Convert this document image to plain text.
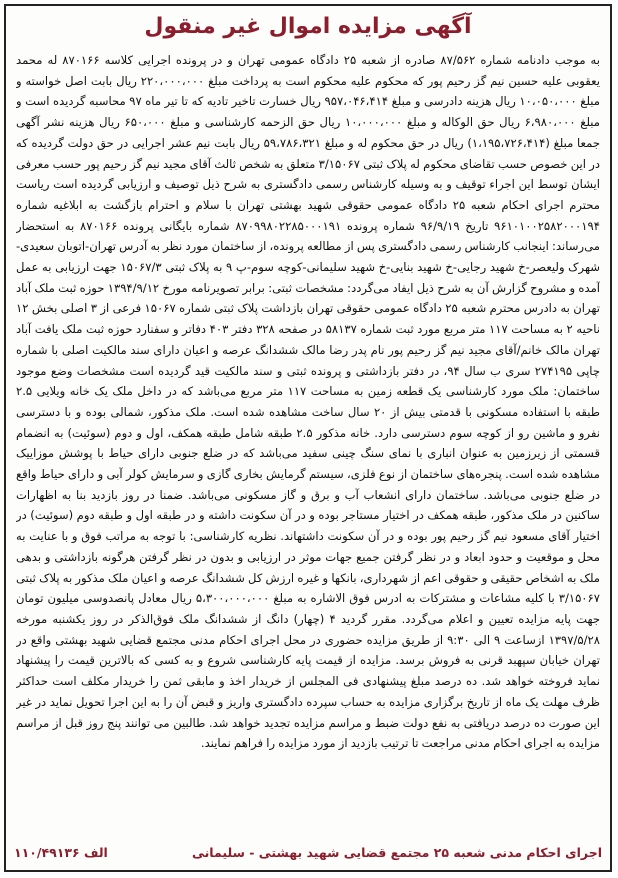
آگهی مزایده اموال غیر منقول
به موجب دادنامه شماره ۸۷/۵۶۲ صادره از شعبه ۲۵ دادگاه عمومی تهران و در پرونده اجرایی کلاسه ۸۷۰۱۶۶ له محمد یعقوبی علیه حسین نیم گز رحیم پور که محکوم علیه محکوم است به پرداخت مبلغ ۲۲۰،۰۰۰،۰۰۰ ریال بابت اصل خواسته و مبلغ ۱۰،۰۵۰،۰۰۰ ریال هزینه دادرسی و مبلغ ۹۵۷،۰۴۶،۴۱۴ ریال خسارت تاخیر تادیه که تا تیر ماه ۹۷ محاسبه گردیده است و مبلغ ۶،۹۸۰،۰۰۰ ریال حق الوکاله و مبلغ ۱۰،۰۰۰،۰۰۰ ریال حق الزحمه کارشناسی و مبلغ ۶۵۰،۰۰۰ ریال هزینه نشر آگهی جمعا مبلغ (۱،۱۹۵،۷۲۶،۴۱۴) ریال در حق محکوم له و مبلغ ۵۹،۷۸۶،۳۲۱ ریال بابت نیم عشر اجرایی در حق دولت گردیده که در این خصوص حسب تقاضای محکوم له پلاک ثبتی ۳/۱۵۰۶۷ متعلق به شخص ثالث آقای مجید نیم گز رحیم پور حسب معرفی ایشان توسط این اجراء توقیف و به وسیله کارشناس رسمی دادگستری به شرح ذیل توصیف و ارزیابی گردیده است ریاست محترم اجرای احکام شعبه ۲۵ دادگاه عمومی حقوقی شهید بهشتی تهران با سلام و احترام بازگشت به ابلاغیه شماره ۹۶۱۰۱۰۰۲۵۸۲۰۰۰۱۹۴ تاریخ ۹۶/۹/۱۹ شماره پرونده ۸۷۰۹۹۸۰۲۲۸۵۰۰۰۱۹۱ شماره بایگانی پرونده ۸۷۰۱۶۶ به استحضار می‌رساند: اینجانب کارشناس رسمی دادگستری پس از مطالعه پرونده، از ساختمان مورد نظر به آدرس تهران-اتوبان سعیدی-شهرک ولیعصر-خ شهید رجایی-خ شهید بنایی-خ شهید سلیمانی-کوچه سوم-پ ۹ به پلاک ثبتی ۱۵۰۶۷/۳ جهت ارزیابی به عمل آمده و مشروح گزارش آن به شرح ذیل ایفاد می‌گردد: مشخصات ثبتی: برابر تصویرنامه مورخ ۱۳۹۴/۹/۱۲ حوزه ثبت ملک آباد تهران به دادرس محترم شعبه ۲۵ دادگاه عمومی حقوقی تهران بازداشت پلاک ثبتی شماره ۱۵۰۶۷ فرعی از ۳ اصلی بخش ۱۲ ناحیه ۲ به مساحت ۱۱۷ متر مربع مورد ثبت شماره ۵۸۱۳۷ در صفحه ۳۲۸ دفتر ۴۰۳ دفاتر و سفنارد حوزه ثبت ملک یافت آباد تهران مالک خانم/آقای مجید نیم گز رحیم پور نام پدر رضا مالک ششدانگ عرصه و اعیان دارای سند مالکیت اصلی با شماره چاپی ۲۷۴۱۹۵ سری ب سال ۹۴، در دفتر بازداشتی و پرونده ثبتی و سند مالکیت قید گردیده است مشخصات وضع موجود ساختمان: ملک مورد کارشناسی یک قطعه زمین به مساحت ۱۱۷ متر مربع می‌باشد که در داخل ملک یک خانه ویلایی ۲.۵ طبقه با استفاده مسکونی با قدمتی بیش از ۲۰ سال ساخت مشاهده شده است. ملک مذکور، شمالی بوده و با دسترسی نفرو و ماشین رو از کوچه سوم دسترسی دارد. خانه مذکور ۲.۵ طبقه شامل طبقه همکف، اول و دوم (سوئیت) به انضمام قسمتی از زیرزمین به عنوان انباری با نمای سنگ چینی سفید می‌باشد که در ضلع جنوبی دارای حیاط با پوشش موزاییک مشاهده شده است. پنجره‌های ساختمان از نوع فلزی، سیستم گرمایش بخاری گازی و سرمایش کولر آبی و دارای حیاط واقع در ضلع جنوبی می‌باشد. ساختمان دارای انشعاب آب و برق و گاز مسکونی می‌باشد. ضمنا در روز بازدید بنا به اظهارات ساکنین در ملک مذکور، طبقه همکف در اختیار مستاجر بوده و در آن سکونت داشته و در طبقه اول و طبقه دوم (سوئیت) در اختیار آقای مسعود نیم گز رحیم پور بوده و در آن سکونت داشتهاند. نظریه کارشناسی: با توجه به مراتب فوق و با عنایت به محل و موقعیت و حدود ابعاد و در نظر گرفتن جمیع جهات موثر در ارزیابی و بدون در نظر گرفتن هرگونه بازداشتی و بدهی ملک به اشخاص حقیقی و حقوقی اعم از شهرداری، بانکها و غیره ارزش کل ششدانگ عرصه و اعیان ملک مذکور به پلاک ثبتی ۳/۱۵۰۶۷ با کلیه مشاعات و مشترکات به ادرس فوق الاشاره به مبلغ ۵،۳۰۰،۰۰۰،۰۰۰ ریال معادل پانصدوسی میلیون تومان جهت پایه مزایده تعیین و اعلام می‌گردد. مقرر گردید ۴ (چهار) دانگ از ششدانگ ملک فوق‌الذکر در روز یکشنبه مورخه ۱۳۹۷/۵/۲۸ ازساعت ۹ الی ۹:۳۰ از طریق مزایده حضوری در محل اجرای احکام مدنی مجتمع قضایی شهید بهشتی واقع در تهران خیابان سپهبد قرنی به فروش برسد. مزایده از قیمت پایه کارشناسی شروع و به کسی که بالاترین قیمت را پیشنهاد نماید فروخته خواهد شد. ده درصد مبلغ پیشنهادی فی المجلس از خریدار اخذ و مابقی ثمن را خریدار مکلف است حداکثر ظرف مهلت یک ماه از تاریخ برگزاری مزایده به حساب سپرده دادگستری واریز و قبض آن را به این اجرا تحویل نماید در غیر این صورت ده درصد دریافتی به نفع دولت ضبط و مراسم مزایده تجدید خواهد شد. طالبین می توانند پنج روز قبل از مراسم مزایده به اجرای احکام مدنی مراجعت تا ترتیب بازدید از مورد مزایده را فراهم نمایند.
اجرای احکام مدنی شعبه ۲۵ مجتمع قضایی شهید بهشتی - سلیمانی
۱۱۰/۴۹۱۳۶ الف
